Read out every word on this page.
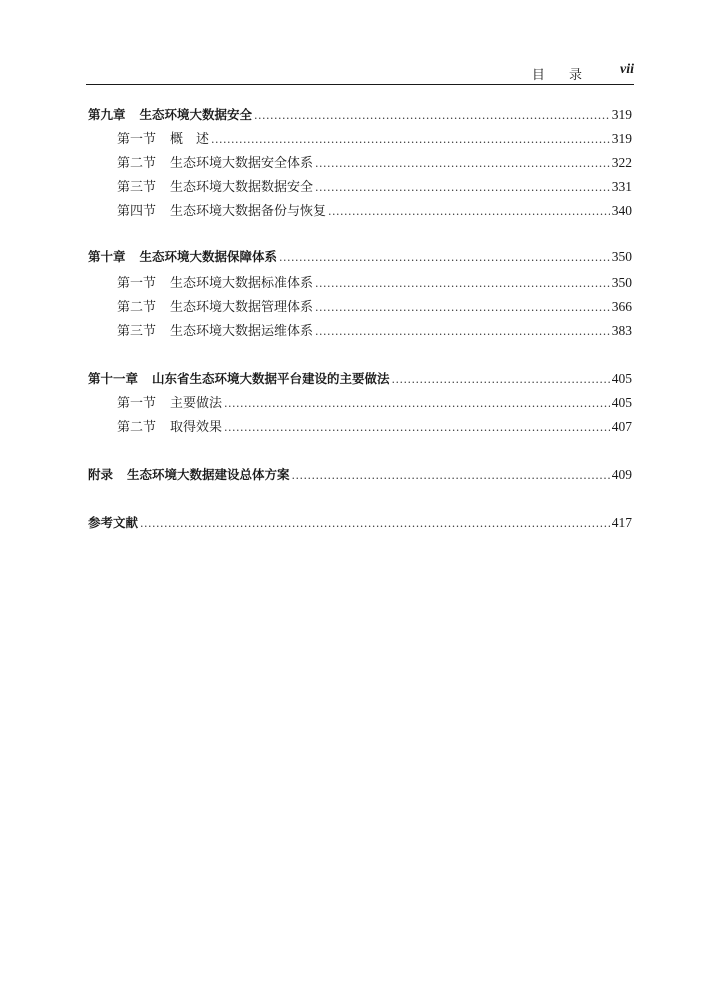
目 录 vii
第九章 生态环境大数据安全 .....	319
第一节 概　述 .....	319
第二节 生态环境大数据安全体系 .....	322
第三节 生态环境大数据数据安全 .....	331
第四节 生态环境大数据备份与恢复 .....	340
第十章 生态环境大数据保障体系 .....	350
第一节 生态环境大数据标准体系 .....	350
第二节 生态环境大数据管理体系 .....	366
第三节 生态环境大数据运维体系 .....	383
第十一章 山东省生态环境大数据平台建设的主要做法 .....	405
第一节 主要做法 .....	405
第二节 取得效果 .....	407
附录 生态环境大数据建设总体方案 .....	409
参考文献 .....	417
